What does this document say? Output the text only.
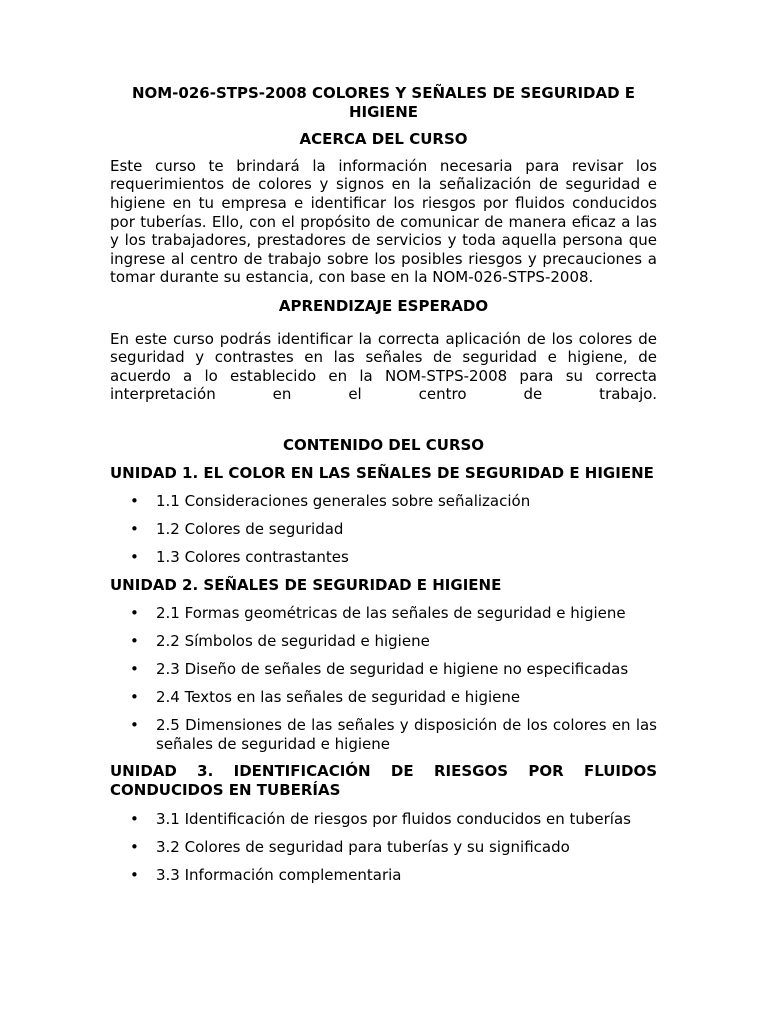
NOM-026-STPS-2008 COLORES Y SEÑALES DE SEGURIDAD E HIGIENE

ACERCA DEL CURSO

Este curso te brindará la información necesaria para revisar los requerimientos de colores y signos en la señalización de seguridad e higiene en tu empresa e identificar los riesgos por fluidos conducidos por tuberías. Ello, con el propósito de comunicar de manera eficaz a las y los trabajadores, prestadores de servicios y toda aquella persona que ingrese al centro de trabajo sobre los posibles riesgos y precauciones a tomar durante su estancia, con base en la NOM-026-STPS-2008.

APRENDIZAJE ESPERADO

En este curso podrás identificar la correcta aplicación de los colores de seguridad y contrastes en las señales de seguridad e higiene, de acuerdo a lo establecido en la NOM-STPS-2008 para su correcta interpretación en el centro de trabajo.

CONTENIDO DEL CURSO

UNIDAD 1. EL COLOR EN LAS SEÑALES DE SEGURIDAD E HIGIENE

• 1.1 Consideraciones generales sobre señalización
• 1.2 Colores de seguridad
• 1.3 Colores contrastantes

UNIDAD 2. SEÑALES DE SEGURIDAD E HIGIENE

• 2.1 Formas geométricas de las señales de seguridad e higiene
• 2.2 Símbolos de seguridad e higiene
• 2.3 Diseño de señales de seguridad e higiene no especificadas
• 2.4 Textos en las señales de seguridad e higiene
• 2.5 Dimensiones de las señales y disposición de los colores en las señales de seguridad e higiene

UNIDAD 3. IDENTIFICACIÓN DE RIESGOS POR FLUIDOS CONDUCIDOS EN TUBERÍAS

• 3.1 Identificación de riesgos por fluidos conducidos en tuberías
• 3.2 Colores de seguridad para tuberías y su significado
• 3.3 Información complementaria
